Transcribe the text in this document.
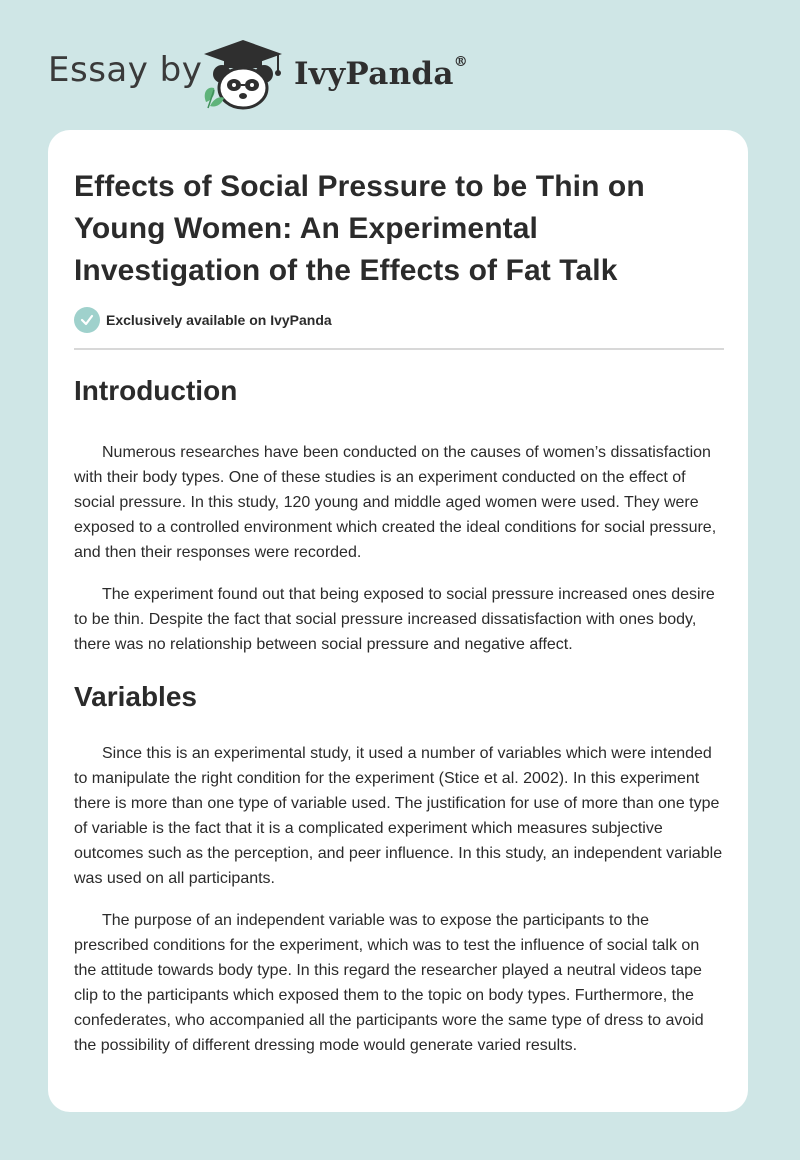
Essay by	IvyPanda®
Effects of Social Pressure to be Thin on Young Women: An Experimental Investigation of the Effects of Fat Talk
Exclusively available on IvyPanda
Introduction

Numerous researches have been conducted on the causes of women’s dissatisfaction with their body types. One of these studies is an experiment conducted on the effect of social pressure. In this study, 120 young and middle aged women were used. They were exposed to a controlled environment which created the ideal conditions for social pressure, and then their responses were recorded.

The experiment found out that being exposed to social pressure increased ones desire to be thin. Despite the fact that social pressure increased dissatisfaction with ones body, there was no relationship between social pressure and negative affect.

Variables

Since this is an experimental study, it used a number of variables which were intended to manipulate the right condition for the experiment (Stice et al. 2002). In this experiment there is more than one type of variable used. The justification for use of more than one type of variable is the fact that it is a complicated experiment which measures subjective outcomes such as the perception, and peer influence. In this study, an independent variable was used on all participants.

The purpose of an independent variable was to expose the participants to the prescribed conditions for the experiment, which was to test the influence of social talk on the attitude towards body type. In this regard the researcher played a neutral videos tape clip to the participants which exposed them to the topic on body types. Furthermore, the confederates, who accompanied all the participants wore the same type of dress to avoid the possibility of different dressing mode would generate varied results.
